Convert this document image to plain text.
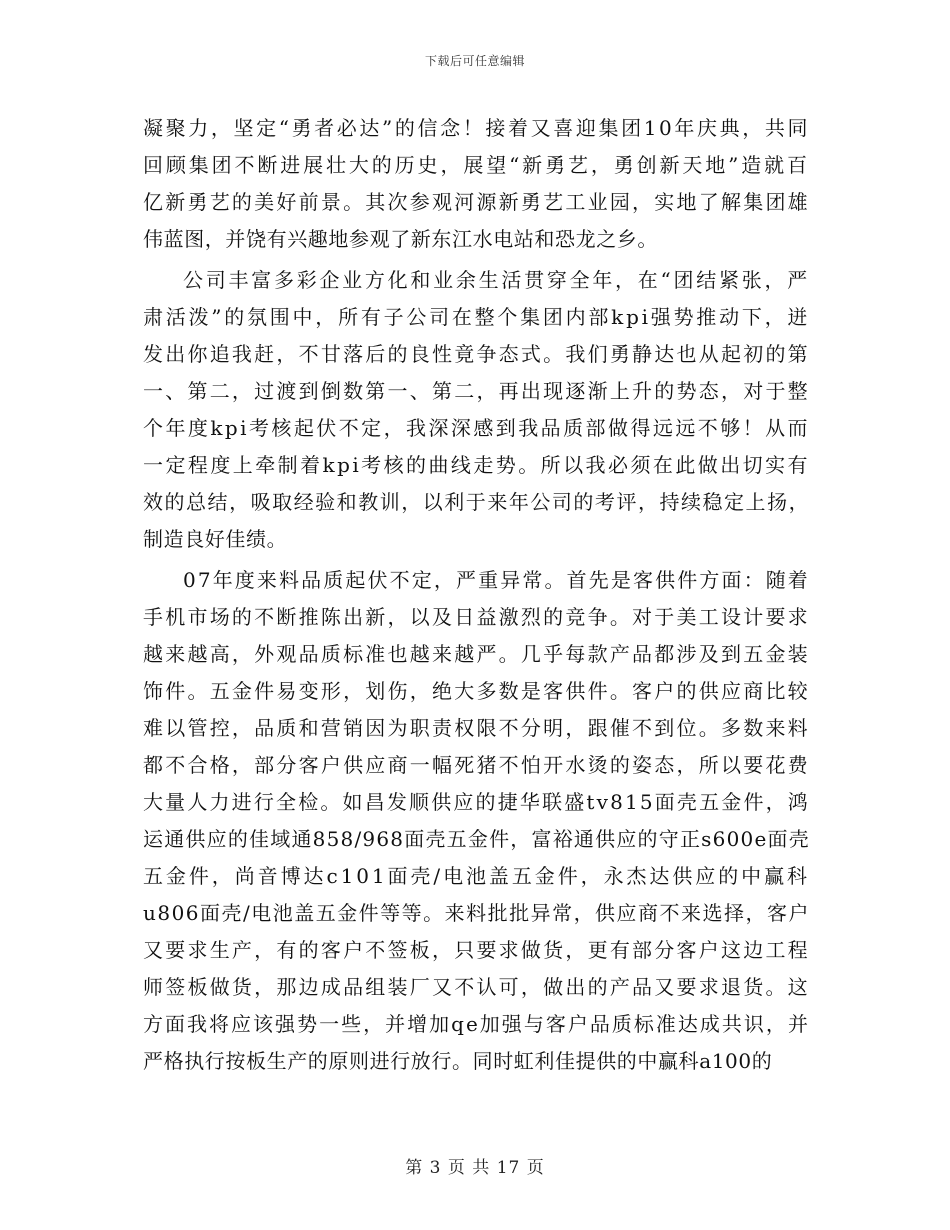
下载后可任意编辑
凝聚力，坚定“勇者必达”的信念！接着又喜迎集团10年庆典，共同
回顾集团不断进展壮大的历史，展望“新勇艺，勇创新天地”造就百
亿新勇艺的美好前景。其次参观河源新勇艺工业园，实地了解集团雄
伟蓝图，并饶有兴趣地参观了新东江水电站和恐龙之乡。
公司丰富多彩企业方化和业余生活贯穿全年，在“团结紧张，严
肃活泼”的氛围中，所有子公司在整个集团内部kpi强势推动下，迸
发出你追我赶，不甘落后的良性竟争态式。我们勇静达也从起初的第
一、第二，过渡到倒数第一、第二，再出现逐渐上升的势态，对于整
个年度kpi考核起伏不定，我深深感到我品质部做得远远不够！从而
一定程度上牵制着kpi考核的曲线走势。所以我必须在此做出切实有
效的总结，吸取经验和教训，以利于来年公司的考评，持续稳定上扬，
制造良好佳绩。
07年度来料品质起伏不定，严重异常。首先是客供件方面：随着
手机市场的不断推陈出新，以及日益激烈的竞争。对于美工设计要求
越来越高，外观品质标准也越来越严。几乎每款产品都涉及到五金装
饰件。五金件易变形，划伤，绝大多数是客供件。客户的供应商比较
难以管控，品质和营销因为职责权限不分明，跟催不到位。多数来料
都不合格，部分客户供应商一幅死猪不怕开水烫的姿态，所以要花费
大量人力进行全检。如昌发顺供应的捷华联盛tv815面壳五金件，鸿
运通供应的佳域通858/968面壳五金件，富裕通供应的守正s600e面壳
五金件，尚音博达c101面壳/电池盖五金件，永杰达供应的中赢科
u806面壳/电池盖五金件等等。来料批批异常，供应商不来选择，客户
又要求生产，有的客户不签板，只要求做货，更有部分客户这边工程
师签板做货，那边成品组装厂又不认可，做出的产品又要求退货。这
方面我将应该强势一些，并增加qe加强与客户品质标准达成共识，并
严格执行按板生产的原则进行放行。同时虹利佳提供的中赢科a100的
第 3 页 共 17 页
